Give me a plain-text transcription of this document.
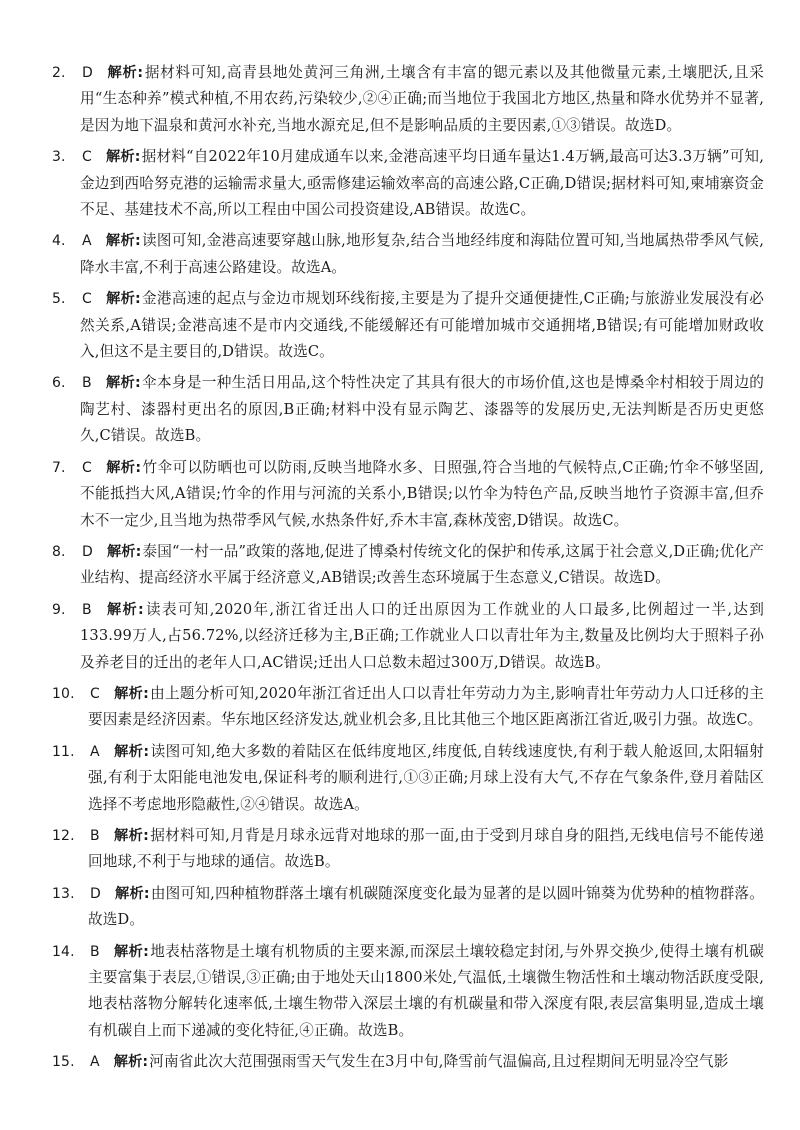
2.	D 解析:据材料可知,高青县地处黄河三角洲,土壤含有丰富的锶元素以及其他微量元素,土壤肥沃,且采用“生态种养”模式种植,不用农药,污染较少,②④正确;而当地位于我国北方地区,热量和降水优势并不显著,是因为地下温泉和黄河水补充,当地水源充足,但不是影响品质的主要因素,①③错误。故选D。
3.	C 解析:据材料“自2022年10月建成通车以来,金港高速平均日通车量达1.4万辆,最高可达3.3万辆”可知,金边到西哈努克港的运输需求量大,亟需修建运输效率高的高速公路,C正确,D错误;据材料可知,柬埔寨资金不足、基建技术不高,所以工程由中国公司投资建设,AB错误。故选C。
4.	A 解析:读图可知,金港高速要穿越山脉,地形复杂,结合当地经纬度和海陆位置可知,当地属热带季风气候,降水丰富,不利于高速公路建设。故选A。
5.	C 解析:金港高速的起点与金边市规划环线衔接,主要是为了提升交通便捷性,C正确;与旅游业发展没有必然关系,A错误;金港高速不是市内交通线,不能缓解还有可能增加城市交通拥堵,B错误;有可能增加财政收入,但这不是主要目的,D错误。故选C。
6.	B 解析:伞本身是一种生活日用品,这个特性决定了其具有很大的市场价值,这也是博桑伞村相较于周边的陶艺村、漆器村更出名的原因,B正确;材料中没有显示陶艺、漆器等的发展历史,无法判断是否历史更悠久,C错误。故选B。
7.	C 解析:竹伞可以防晒也可以防雨,反映当地降水多、日照强,符合当地的气候特点,C正确;竹伞不够坚固,不能抵挡大风,A错误;竹伞的作用与河流的关系小,B错误;以竹伞为特色产品,反映当地竹子资源丰富,但乔木不一定少,且当地为热带季风气候,水热条件好,乔木丰富,森林茂密,D错误。故选C。
8.	D 解析:泰国“一村一品”政策的落地,促进了博桑村传统文化的保护和传承,这属于社会意义,D正确;优化产业结构、提高经济水平属于经济意义,AB错误;改善生态环境属于生态意义,C错误。故选D。
9.	B 解析:读表可知,2020年,浙江省迁出人口的迁出原因为工作就业的人口最多,比例超过一半,达到133.99万人,占56.72%,以经济迁移为主,B正确;工作就业人口以青壮年为主,数量及比例均大于照料子孙及养老目的迁出的老年人口,AC错误;迁出人口总数未超过300万,D错误。故选B。
10.	C 解析:由上题分析可知,2020年浙江省迁出人口以青壮年劳动力为主,影响青壮年劳动力人口迁移的主要因素是经济因素。华东地区经济发达,就业机会多,且比其他三个地区距离浙江省近,吸引力强。故选C。
11.	A 解析:读图可知,绝大多数的着陆区在低纬度地区,纬度低,自转线速度快,有利于载人舱返回,太阳辐射强,有利于太阳能电池发电,保证科考的顺利进行,①③正确;月球上没有大气,不存在气象条件,登月着陆区选择不考虑地形隐蔽性,②④错误。故选A。
12.	B 解析:据材料可知,月背是月球永远背对地球的那一面,由于受到月球自身的阻挡,无线电信号不能传递回地球,不利于与地球的通信。故选B。
13.	D 解析:由图可知,四种植物群落土壤有机碳随深度变化最为显著的是以圆叶锦葵为优势种的植物群落。故选D。
14.	B 解析:地表枯落物是土壤有机物质的主要来源,而深层土壤较稳定封闭,与外界交换少,使得土壤有机碳主要富集于表层,①错误,③正确;由于地处天山1800米处,气温低,土壤微生物活性和土壤动物活跃度受限,地表枯落物分解转化速率低,土壤生物带入深层土壤的有机碳量和带入深度有限,表层富集明显,造成土壤有机碳自上而下递减的变化特征,④正确。故选B。
15.	A 解析:河南省此次大范围强雨雪天气发生在3月中旬,降雪前气温偏高,且过程期间无明显冷空气影
